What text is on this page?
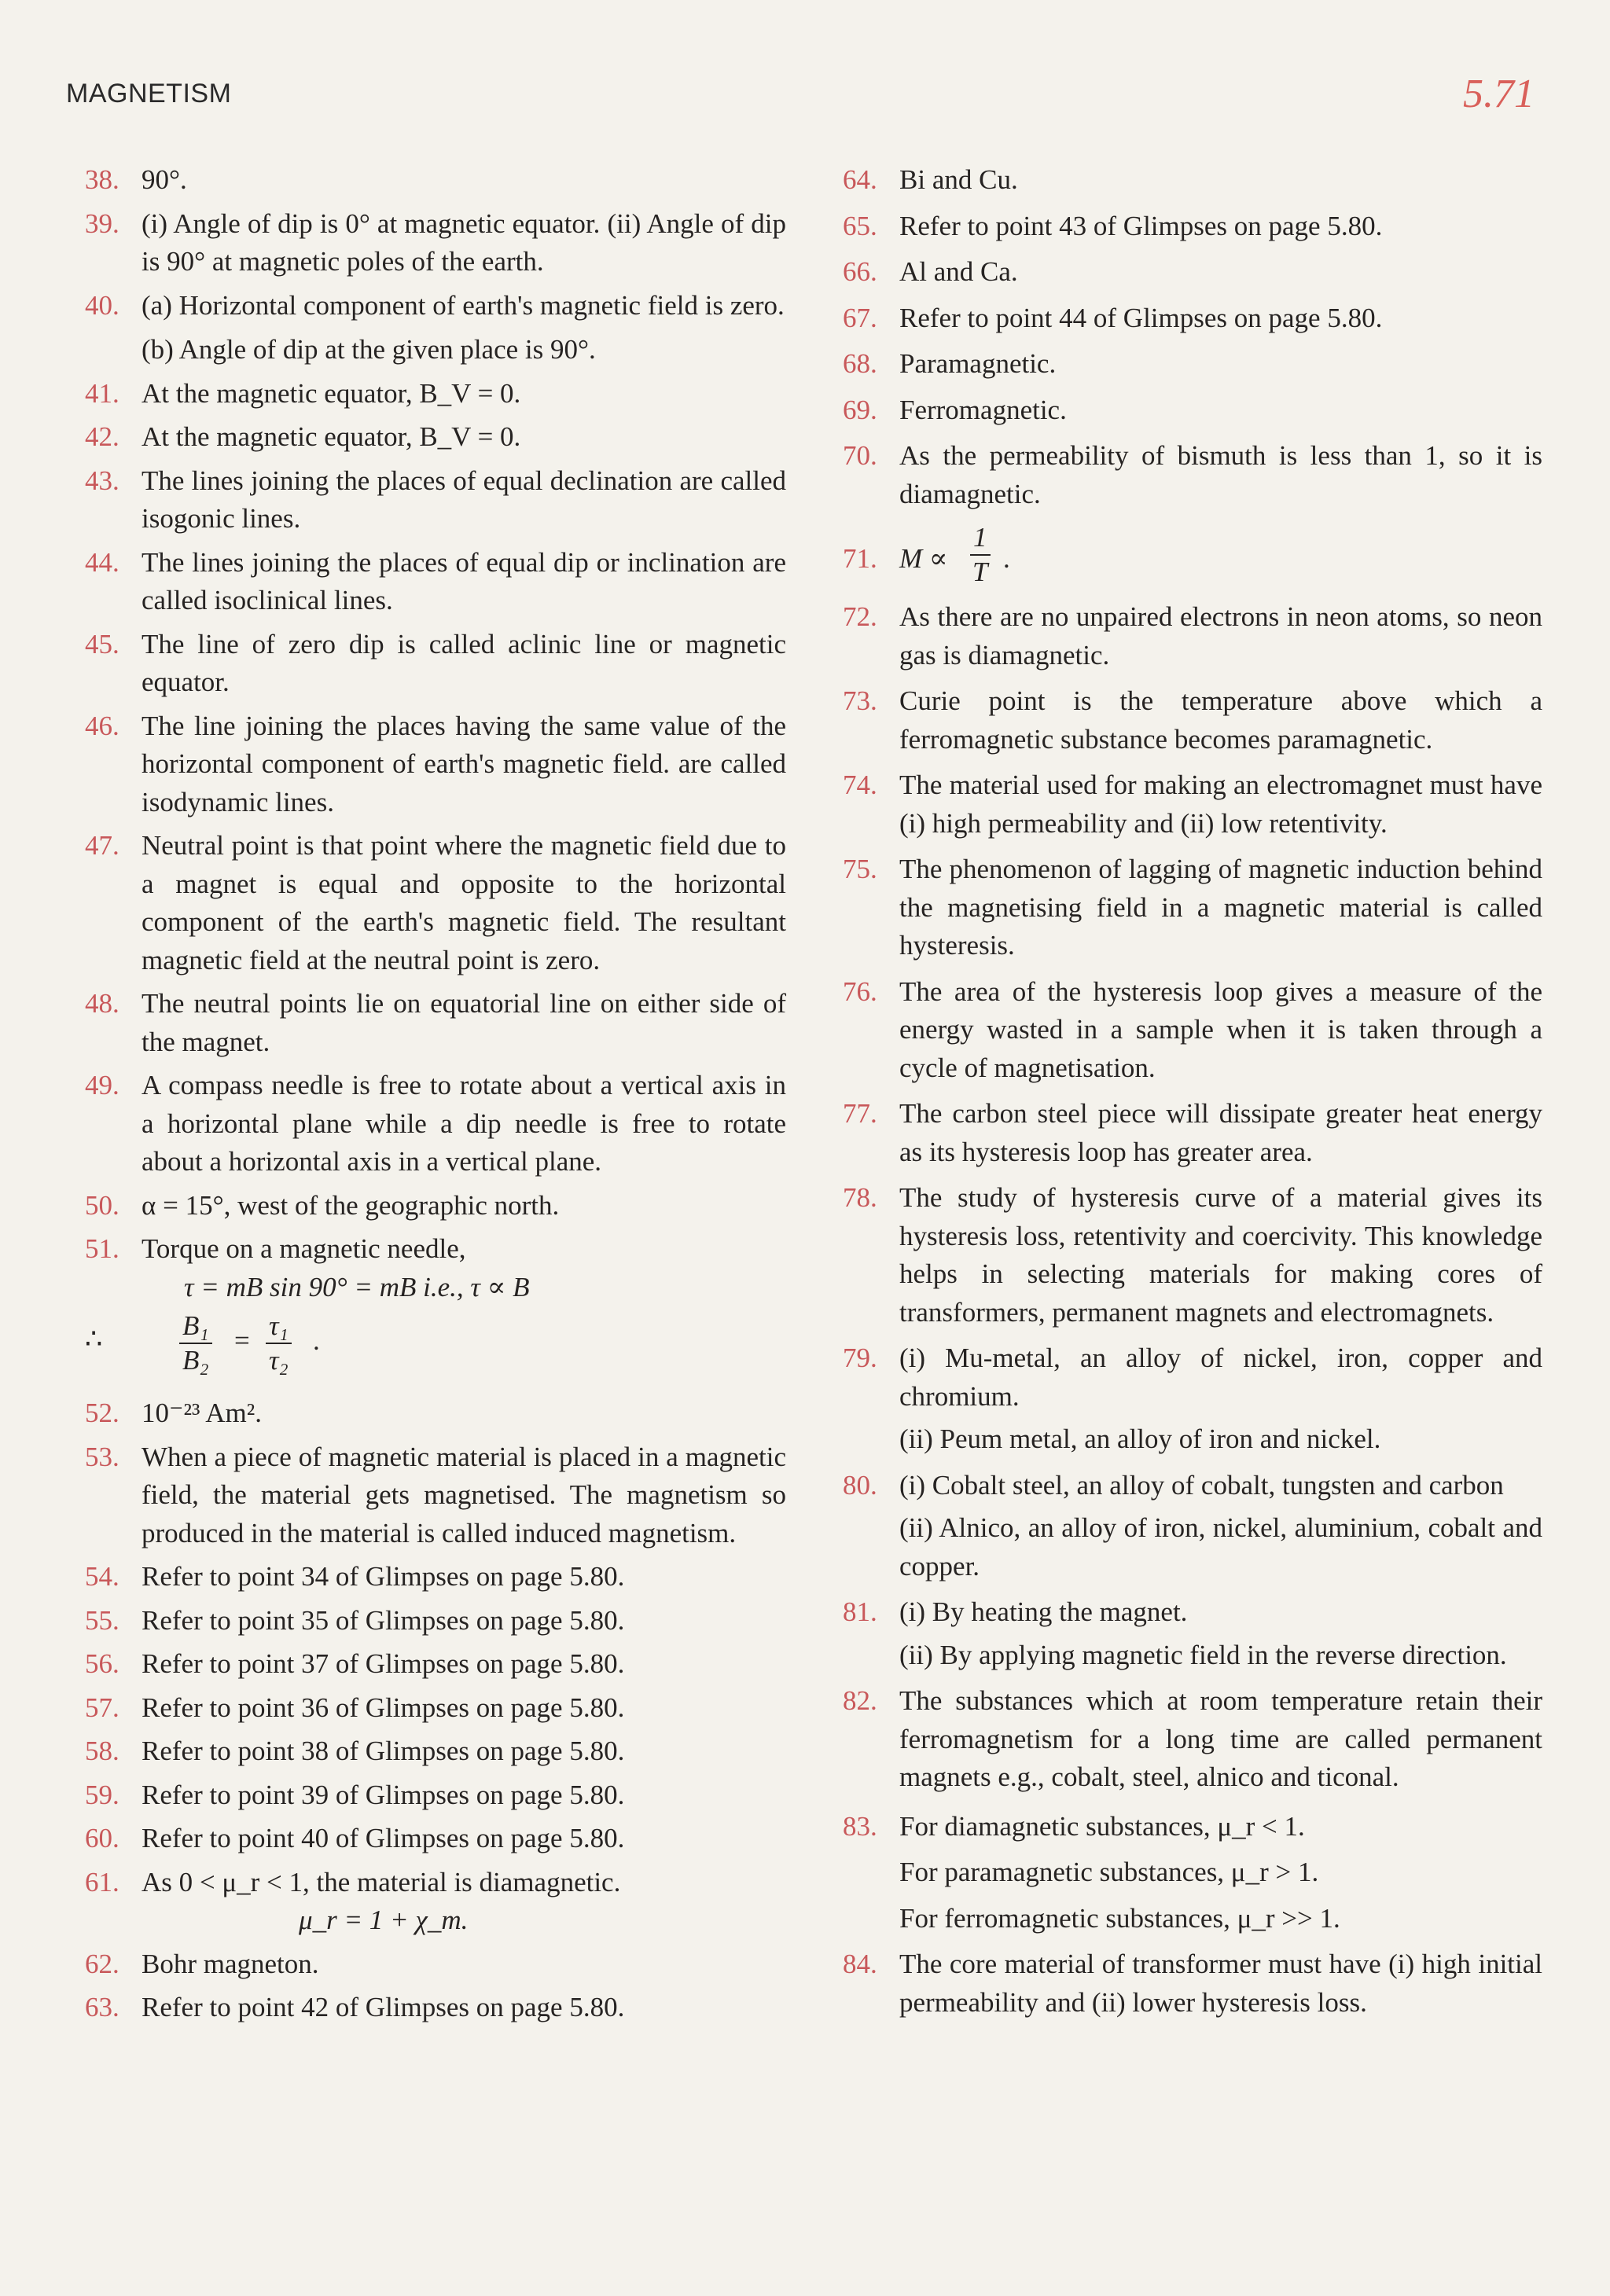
MAGNETISM	5.71
38. 90°.
39. (i) Angle of dip is 0° at magnetic equator. (ii) Angle of dip is 90° at magnetic poles of the earth.
40. (a) Horizontal component of earth's magnetic field is zero.
(b) Angle of dip at the given place is 90°.
41. At the magnetic equator, B_V = 0.
42. At the magnetic equator, B_V = 0.
43. The lines joining the places of equal declination are called isogonic lines.
44. The lines joining the places of equal dip or inclination are called isoclinical lines.
45. The line of zero dip is called aclinic line or magnetic equator.
46. The line joining the places having the same value of the horizontal component of earth's magnetic field. are called isodynamic lines.
47. Neutral point is that point where the magnetic field due to a magnet is equal and opposite to the horizontal component of the earth's magnetic field. The resultant magnetic field at the neutral point is zero.
48. The neutral points lie on equatorial line on either side of the magnet.
49. A compass needle is free to rotate about a vertical axis in a horizontal plane while a dip needle is free to rotate about a horizontal axis in a vertical plane.
50. α = 15°, west of the geographic north.
51. Torque on a magnetic needle,
τ = mB sin 90° = mB i.e., τ ∝ B
∴	$\frac{\text{B₁}}{\text{B₂}} = \frac{\text{τ₁}}{\text{τ₂}}$ .
52. 10⁻²³ Am².
53. When a piece of magnetic material is placed in a magnetic field, the material gets magnetised. The magnetism so produced in the material is called induced magnetism.
54. Refer to point 34 of Glimpses on page 5.80.
55. Refer to point 35 of Glimpses on page 5.80.
56. Refer to point 37 of Glimpses on page 5.80.
57. Refer to point 36 of Glimpses on page 5.80.
58. Refer to point 38 of Glimpses on page 5.80.
59. Refer to point 39 of Glimpses on page 5.80.
60. Refer to point 40 of Glimpses on page 5.80.
61. As 0 < μ_r < 1, the material is diamagnetic.
μ_r = 1 + χ_m.
62. Bohr magneton.
63. Refer to point 42 of Glimpses on page 5.80.
64. Bi and Cu.
65. Refer to point 43 of Glimpses on page 5.80.
66. Al and Ca.
67. Refer to point 44 of Glimpses on page 5.80.
68. Paramagnetic.
69. Ferromagnetic.
70. As the permeability of bismuth is less than 1, so it is diamagnetic.
71. $M \propto \frac{1}{T}$ .
72. As there are no unpaired electrons in neon atoms, so neon gas is diamagnetic.
73. Curie point is the temperature above which a ferromagnetic substance becomes paramagnetic.
74. The material used for making an electromagnet must have (i) high permeability and (ii) low retentivity.
75. The phenomenon of lagging of magnetic induction behind the magnetising field in a magnetic material is called hysteresis.
76. The area of the hysteresis loop gives a measure of the energy wasted in a sample when it is taken through a cycle of magnetisation.
77. The carbon steel piece will dissipate greater heat energy as its hysteresis loop has greater area.
78. The study of hysteresis curve of a material gives its hysteresis loss, retentivity and coercivity. This knowledge helps in selecting materials for making cores of transformers, permanent magnets and electromagnets.
79. (i) Mu-metal, an alloy of nickel, iron, copper and chromium.
(ii) Peum metal, an alloy of iron and nickel.
80. (i) Cobalt steel, an alloy of cobalt, tungsten and carbon
(ii) Alnico, an alloy of iron, nickel, aluminium, cobalt and copper.
81. (i) By heating the magnet.
(ii) By applying magnetic field in the reverse direction.
82. The substances which at room temperature retain their ferromagnetism for a long time are called permanent magnets e.g., cobalt, steel, alnico and ticonal.
83. For diamagnetic substances, μ_r < 1.
For paramagnetic substances, μ_r > 1.
For ferromagnetic substances, μ_r >> 1.
84. The core material of transformer must have (i) high initial permeability and (ii) lower hysteresis loss.
